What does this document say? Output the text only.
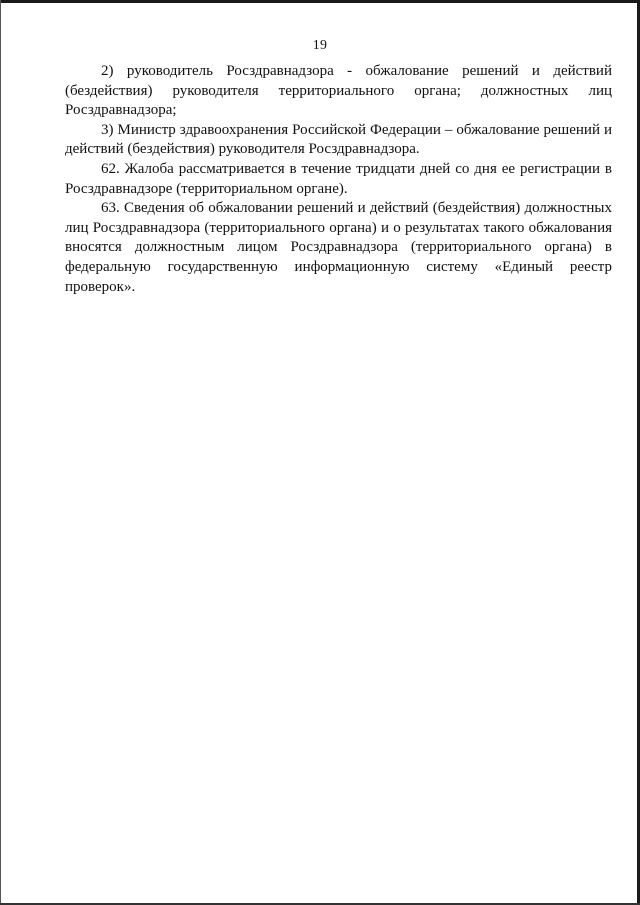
19

2) руководитель Росздравнадзора - обжалование решений и действий (бездействия) руководителя территориального органа; должностных лиц Росздравнадзора;

3) Министр здравоохранения Российской Федерации – обжалование решений и действий (бездействия) руководителя Росздравнадзора.

62. Жалоба рассматривается в течение тридцати дней со дня ее регистрации в Росздравнадзоре (территориальном органе).

63. Сведения об обжаловании решений и действий (бездействия) должностных лиц Росздравнадзора (территориального органа) и о результатах такого обжалования вносятся должностным лицом Росздравнадзора (территориального органа) в федеральную государственную информационную систему «Единый реестр проверок».
